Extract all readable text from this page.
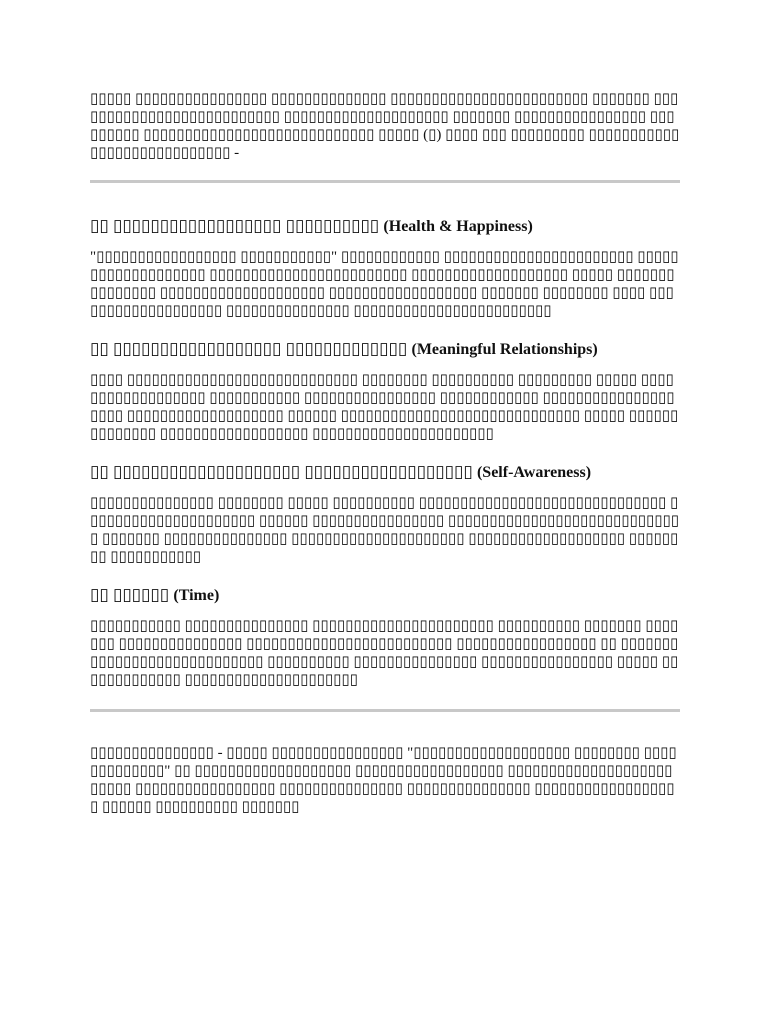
▯▯▯▯▯ ▯▯▯▯▯▯▯▯▯▯▯▯▯▯▯▯ ▯▯▯▯▯▯▯▯▯▯▯▯▯▯ ▯▯▯▯▯▯▯▯▯▯▯▯▯▯▯▯▯▯▯▯▯▯▯▯ ▯▯▯▯▯▯▯ ▯▯▯▯▯▯▯▯▯▯▯▯▯▯▯▯▯▯▯▯▯▯▯▯▯▯ ▯▯▯▯▯▯▯▯▯▯▯▯▯▯▯▯▯▯▯▯ ▯▯▯▯▯▯▯ ▯▯▯▯▯▯▯▯▯▯▯▯▯▯▯▯ ▯▯▯▯▯▯▯▯▯ ▯▯▯▯▯▯▯▯▯▯▯▯▯▯▯▯▯▯▯▯▯▯▯▯▯▯▯▯ ▯▯▯▯▯ (▯) ▯▯▯▯ ▯▯▯ ▯▯▯▯▯▯▯▯▯ ▯▯▯▯▯▯▯▯▯▯▯▯▯▯▯▯▯▯▯▯▯▯▯▯▯▯▯▯ -

▯▯ ▯▯▯▯▯▯▯▯▯▯▯▯▯▯▯▯▯▯ ▯▯▯▯▯▯▯▯▯▯ (Health & Happiness)

"▯▯▯▯▯▯▯▯▯▯▯▯▯▯▯▯▯ ▯▯▯▯▯▯▯▯▯▯▯" ▯▯▯▯▯▯▯▯▯▯▯▯ ▯▯▯▯▯▯▯▯▯▯▯▯▯▯▯▯▯▯▯▯▯▯▯ ▯▯▯▯▯▯▯▯▯▯▯▯▯▯▯▯▯▯▯ ▯▯▯▯▯▯▯▯▯▯▯▯▯▯▯▯▯▯▯▯▯▯▯▯ ▯▯▯▯▯▯▯▯▯▯▯▯▯▯▯▯▯▯▯ ▯▯▯▯▯ ▯▯▯▯▯▯▯ ▯▯▯▯▯▯▯▯ ▯▯▯▯▯▯▯▯▯▯▯▯▯▯▯▯▯▯▯▯ ▯▯▯▯▯▯▯▯▯▯▯▯▯▯▯▯▯▯ ▯▯▯▯▯▯▯ ▯▯▯▯▯▯▯▯ ▯▯▯▯ ▯▯▯▯▯▯▯▯▯▯▯▯▯▯▯▯▯▯▯ ▯▯▯▯▯▯▯▯▯▯▯▯▯▯▯ ▯▯▯▯▯▯▯▯▯▯▯▯▯▯▯▯▯▯▯▯▯▯▯▯

▯▯ ▯▯▯▯▯▯▯▯▯▯▯▯▯▯▯▯▯▯ ▯▯▯▯▯▯▯▯▯▯▯▯▯ (Meaningful Relationships)

▯▯▯▯ ▯▯▯▯▯▯▯▯▯▯▯▯▯▯▯▯▯▯▯▯▯▯▯▯▯▯▯▯ ▯▯▯▯▯▯▯▯ ▯▯▯▯▯▯▯▯▯▯ ▯▯▯▯▯▯▯▯▯ ▯▯▯▯▯ ▯▯▯▯▯▯▯▯▯▯▯▯▯▯▯▯▯▯ ▯▯▯▯▯▯▯▯▯▯▯ ▯▯▯▯▯▯▯▯▯▯▯▯▯▯▯▯ ▯▯▯▯▯▯▯▯▯▯▯▯ ▯▯▯▯▯▯▯▯▯▯▯▯▯▯▯▯▯▯▯▯ ▯▯▯▯▯▯▯▯▯▯▯▯▯▯▯▯▯▯▯ ▯▯▯▯▯▯ ▯▯▯▯▯▯▯▯▯▯▯▯▯▯▯▯▯▯▯▯▯▯▯▯▯▯▯▯▯ ▯▯▯▯▯ ▯▯▯▯▯▯▯▯▯▯▯▯▯▯ ▯▯▯▯▯▯▯▯▯▯▯▯▯▯▯▯▯▯ ▯▯▯▯▯▯▯▯▯▯▯▯▯▯▯▯▯▯▯▯▯▯

▯▯ ▯▯▯▯▯▯▯▯▯▯▯▯▯▯▯▯▯▯▯▯ ▯▯▯▯▯▯▯▯▯▯▯▯▯▯▯▯▯▯ (Self-Awareness)

▯▯▯▯▯▯▯▯▯▯▯▯▯▯▯ ▯▯▯▯▯▯▯▯ ▯▯▯▯▯ ▯▯▯▯▯▯▯▯▯▯ ▯▯▯▯▯▯▯▯▯▯▯▯▯▯▯▯▯▯▯▯▯▯▯▯▯▯▯▯▯▯ ▯▯▯▯▯▯▯▯▯▯▯▯▯▯▯▯▯▯▯▯▯ ▯▯▯▯▯▯ ▯▯▯▯▯▯▯▯▯▯▯▯▯▯▯▯ ▯▯▯▯▯▯▯▯▯▯▯▯▯▯▯▯▯▯▯▯▯▯▯▯▯▯▯▯▯ ▯▯▯▯▯▯▯ ▯▯▯▯▯▯▯▯▯▯▯▯▯▯▯ ▯▯▯▯▯▯▯▯▯▯▯▯▯▯▯▯▯▯▯▯▯ ▯▯▯▯▯▯▯▯▯▯▯▯▯▯▯▯▯▯▯ ▯▯▯▯▯▯▯▯ ▯▯▯▯▯▯▯▯▯▯▯

▯▯ ▯▯▯▯▯▯ (Time)

▯▯▯▯▯▯▯▯▯▯▯ ▯▯▯▯▯▯▯▯▯▯▯▯▯▯▯ ▯▯▯▯▯▯▯▯▯▯▯▯▯▯▯▯▯▯▯▯▯▯ ▯▯▯▯▯▯▯▯▯▯ ▯▯▯▯▯▯▯ ▯▯▯▯▯▯▯ ▯▯▯▯▯▯▯▯▯▯▯▯▯▯▯ ▯▯▯▯▯▯▯▯▯▯▯▯▯▯▯▯▯▯▯▯▯▯▯▯▯ ▯▯▯▯▯▯▯▯▯▯▯▯▯▯▯▯▯ ▯▯ ▯▯▯▯▯▯▯ ▯▯▯▯▯▯▯▯▯▯▯▯▯▯▯▯▯▯▯▯▯ ▯▯▯▯▯▯▯▯▯▯ ▯▯▯▯▯▯▯▯▯▯▯▯▯▯▯ ▯▯▯▯▯▯▯▯▯▯▯▯▯▯▯▯ ▯▯▯▯▯ ▯▯▯▯▯▯▯▯▯▯▯▯▯ ▯▯▯▯▯▯▯▯▯▯▯▯▯▯▯▯▯▯▯▯▯

▯▯▯▯▯▯▯▯▯▯▯▯▯▯▯ - ▯▯▯▯▯ ▯▯▯▯▯▯▯▯▯▯▯▯▯▯▯▯ "▯▯▯▯▯▯▯▯▯▯▯▯▯▯▯▯▯▯▯ ▯▯▯▯▯▯▯▯ ▯▯▯▯▯▯▯▯▯▯▯▯▯" ▯▯ ▯▯▯▯▯▯▯▯▯▯▯▯▯▯▯▯▯▯▯ ▯▯▯▯▯▯▯▯▯▯▯▯▯▯▯▯▯▯ ▯▯▯▯▯▯▯▯▯▯▯▯▯▯▯▯▯▯▯▯▯▯▯▯▯ ▯▯▯▯▯▯▯▯▯▯▯▯▯▯▯▯▯ ▯▯▯▯▯▯▯▯▯▯▯▯▯▯▯ ▯▯▯▯▯▯▯▯▯▯▯▯▯▯▯ ▯▯▯▯▯▯▯▯▯▯▯▯▯▯▯▯▯▯ ▯▯▯▯▯▯ ▯▯▯▯▯▯▯▯▯▯ ▯▯▯▯▯▯▯
